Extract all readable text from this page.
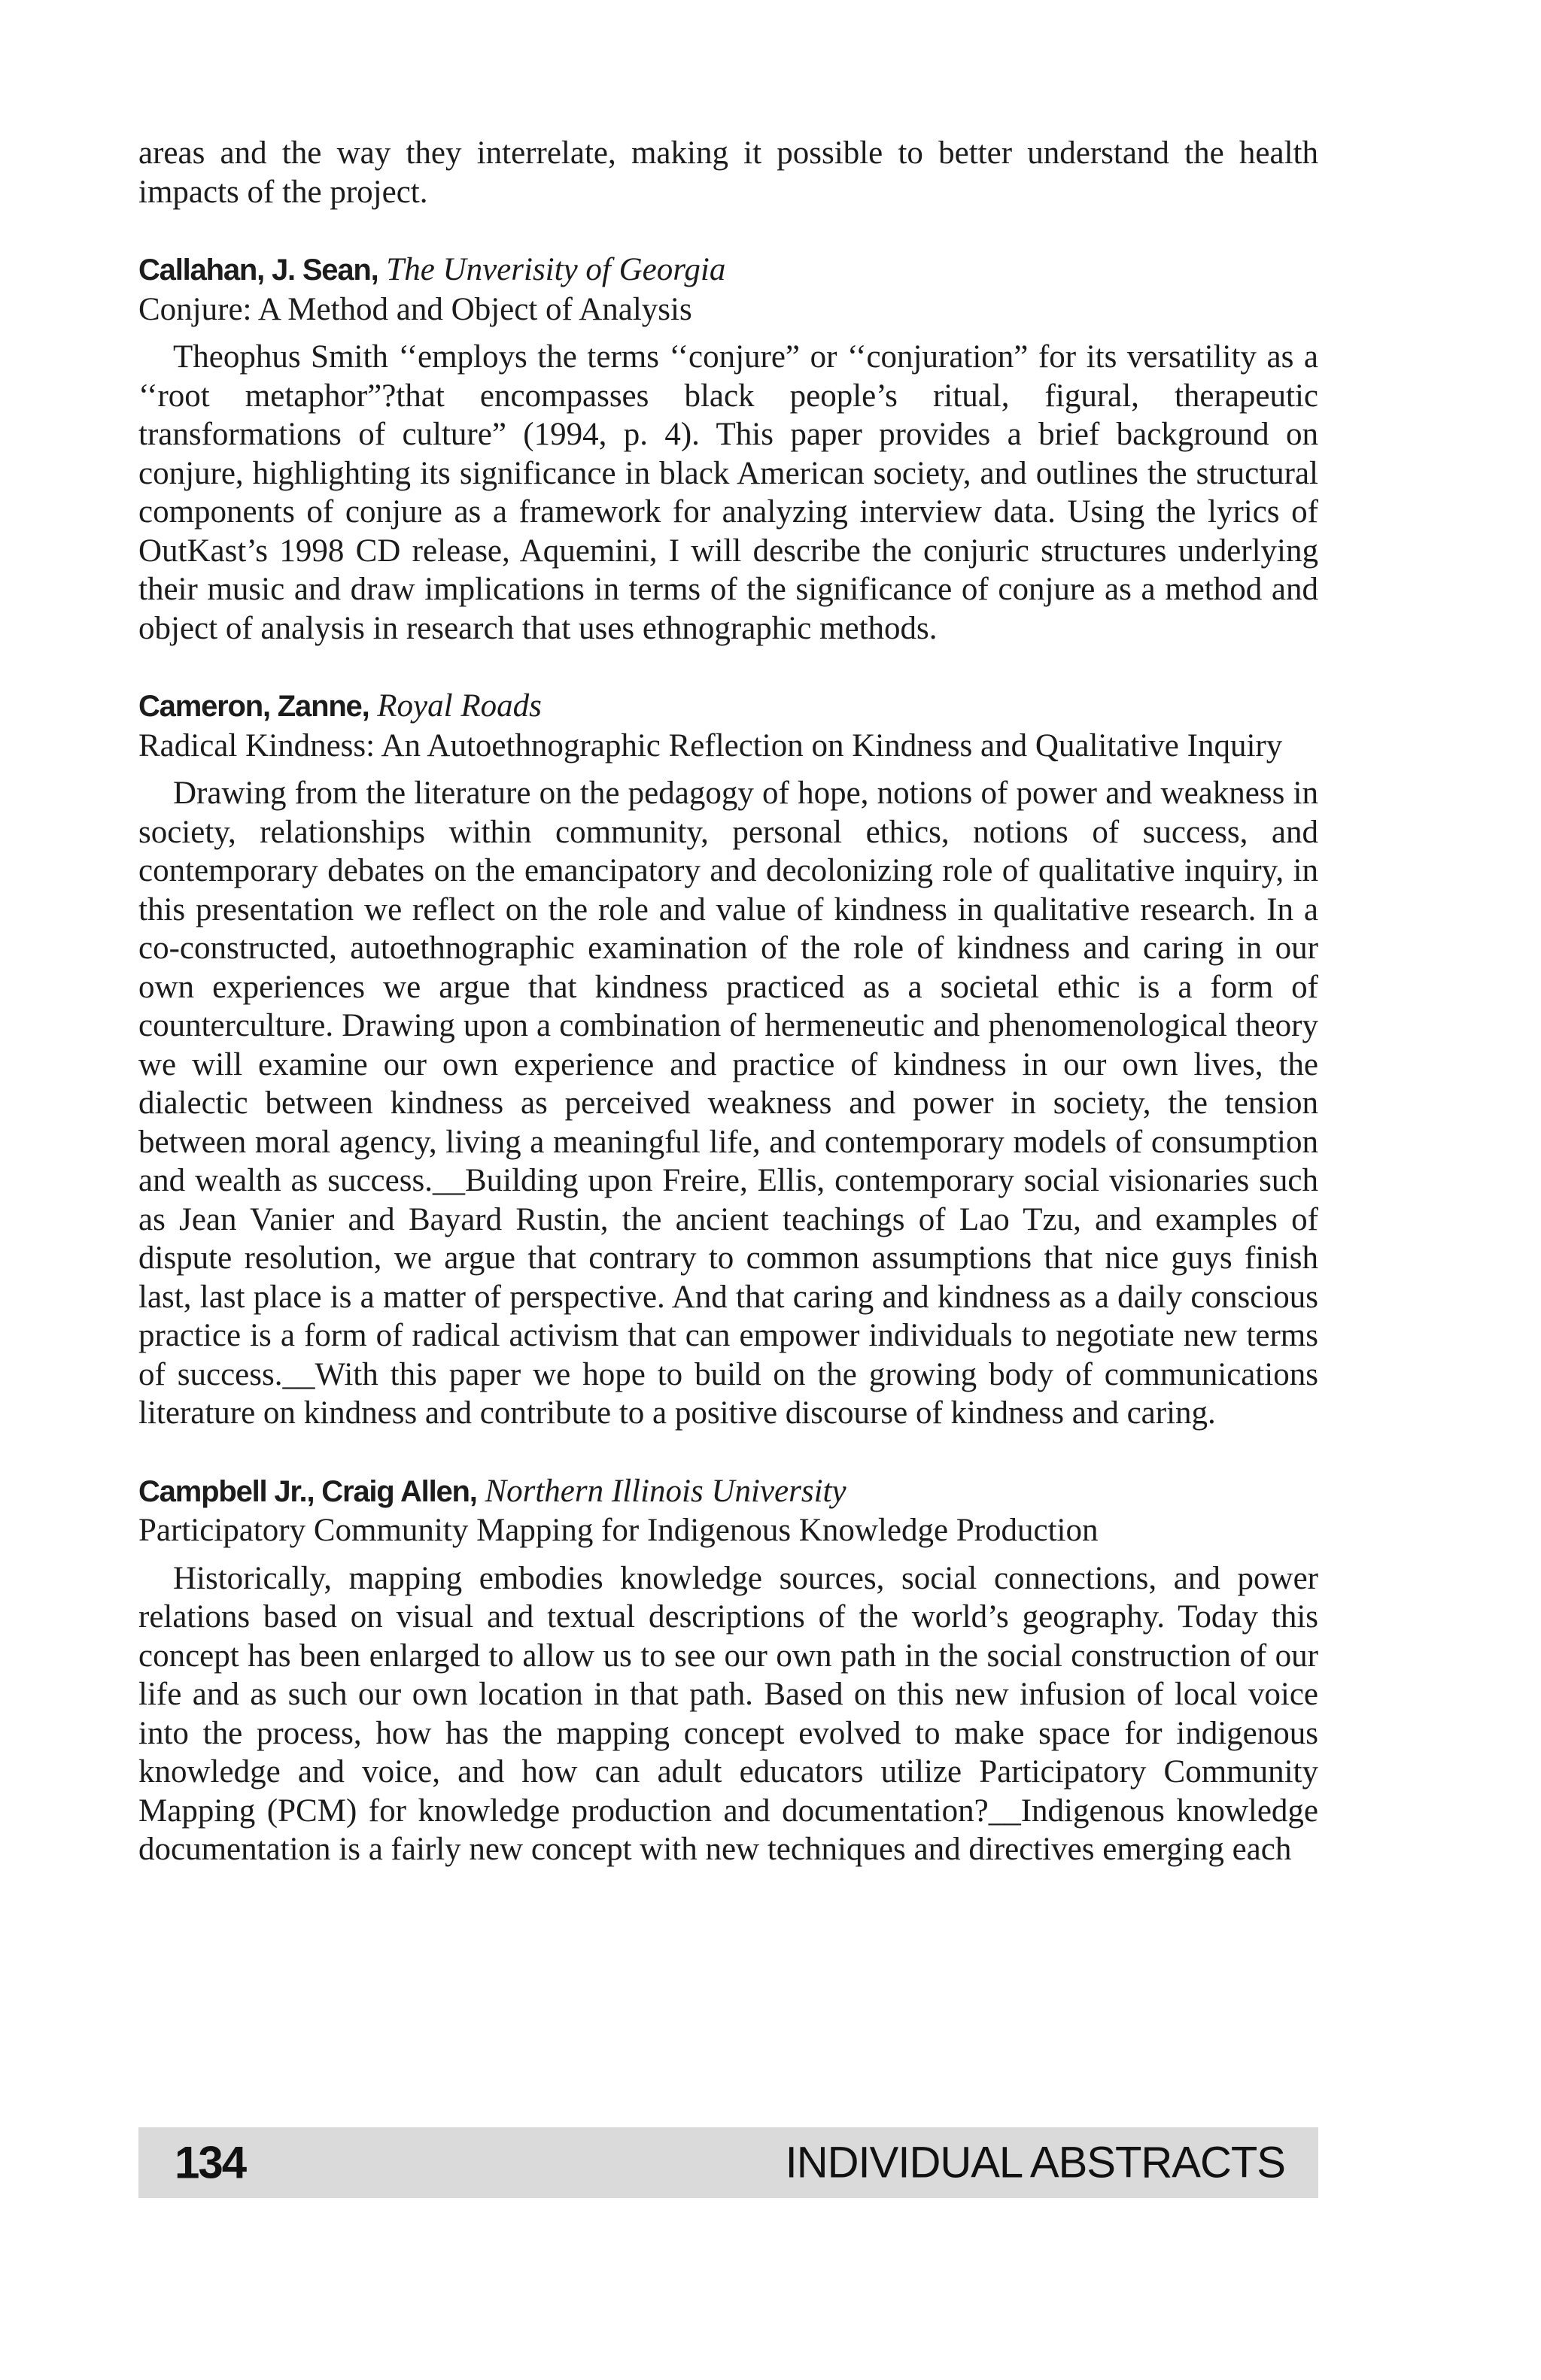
areas and the way they interrelate, making it possible to better understand the health impacts of the project.

Callahan, J. Sean, The Unverisity of Georgia

Conjure: A Method and Object of Analysis

Theophus Smith ‘‘employs the terms ‘‘conjure” or ‘‘conjuration” for its versatility as a ‘‘root metaphor”?that encompasses black people’s ritual, figural, therapeutic transformations of culture” (1994, p. 4). This paper provides a brief background on conjure, highlighting its significance in black American society, and outlines the structural components of conjure as a framework for analyzing interview data. Using the lyrics of OutKast’s 1998 CD release, Aquemini, I will describe the conjuric structures underlying their music and draw implications in terms of the significance of conjure as a method and object of analysis in research that uses ethnographic methods.

Cameron, Zanne, Royal Roads

Radical Kindness: An Autoethnographic Reflection on Kindness and Qualitative Inquiry

Drawing from the literature on the pedagogy of hope, notions of power and weakness in society, relationships within community, personal ethics, notions of success, and contemporary debates on the emancipatory and decolonizing role of qualitative inquiry, in this presentation we reflect on the role and value of kindness in qualitative research. In a co-constructed, autoethnographic examination of the role of kindness and caring in our own experiences we argue that kindness practiced as a societal ethic is a form of counterculture. Drawing upon a combination of hermeneutic and phenomenological theory we will examine our own experience and practice of kindness in our own lives, the dialectic between kindness as perceived weakness and power in society, the tension between moral agency, living a meaningful life, and contemporary models of consumption and wealth as success.__Building upon Freire, Ellis, contemporary social visionaries such as Jean Vanier and Bayard Rustin, the ancient teachings of Lao Tzu, and examples of dispute resolution, we argue that contrary to common assumptions that nice guys finish last, last place is a matter of perspective. And that caring and kindness as a daily conscious practice is a form of radical activism that can empower individuals to negotiate new terms of success.__With this paper we hope to build on the growing body of communications literature on kindness and contribute to a positive discourse of kindness and caring.

Campbell Jr., Craig Allen, Northern Illinois University

Participatory Community Mapping for Indigenous Knowledge Production

Historically, mapping embodies knowledge sources, social connections, and power relations based on visual and textual descriptions of the world’s geography. Today this concept has been enlarged to allow us to see our own path in the social construction of our life and as such our own location in that path. Based on this new infusion of local voice into the process, how has the mapping concept evolved to make space for indigenous knowledge and voice, and how can adult educators utilize Participatory Community Mapping (PCM) for knowledge production and documentation?__Indigenous knowledge documentation is a fairly new concept with new techniques and directives emerging each

134	INDIVIDUAL ABSTRACTS
